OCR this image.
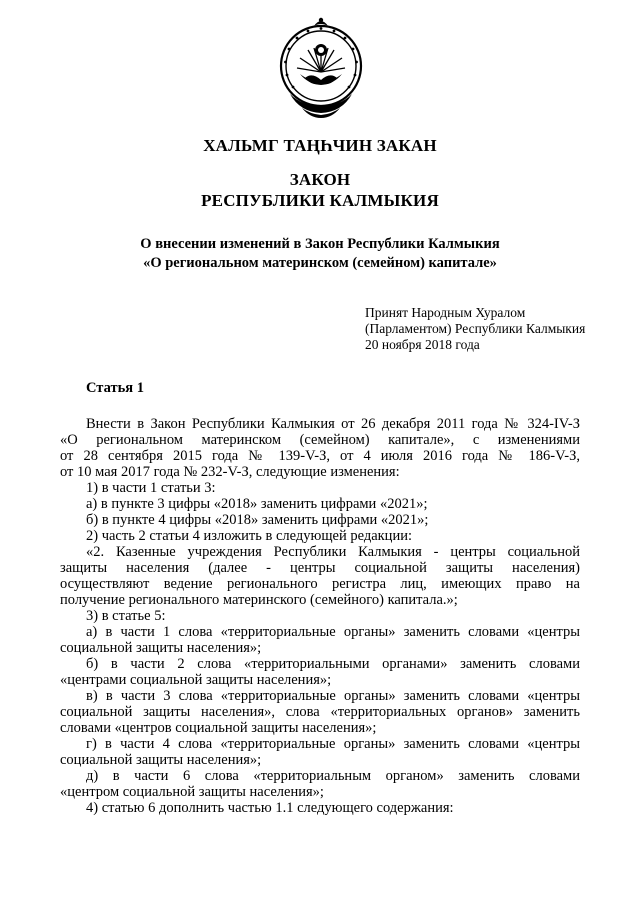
ХАЛЬМГ ТАҢҺЧИН ЗАКАН
ЗАКОН
РЕСПУБЛИКИ КАЛМЫКИЯ
О внесении изменений в Закон Республики Калмыкия
«О региональном материнском (семейном) капитале»
Принят Народным Хуралом
(Парламентом) Республики Калмыкия
20 ноября 2018 года
Статья 1
Внести в Закон Республики Калмыкия от 26 декабря 2011 года № 324-IV-З
«О региональном материнском (семейном) капитале», с изменениями
от 28 сентября 2015 года № 139-V-З, от 4 июля 2016 года № 186-V-З,
от 10 мая 2017 года № 232-V-З, следующие изменения:
1) в части 1 статьи 3:
а) в пункте 3 цифры «2018» заменить цифрами «2021»;
б) в пункте 4 цифры «2018» заменить цифрами «2021»;
2) часть 2 статьи 4 изложить в следующей редакции:
«2. Казенные учреждения Республики Калмыкия - центры социальной
защиты населения (далее - центры социальной защиты населения)
осуществляют ведение регионального регистра лиц, имеющих право на
получение регионального материнского (семейного) капитала.»;
3) в статье 5:
а) в части 1 слова «территориальные органы» заменить словами «центры
социальной защиты населения»;
б) в части 2 слова «территориальными органами» заменить словами
«центрами социальной защиты населения»;
в) в части 3 слова «территориальные органы» заменить словами «центры
социальной защиты населения», слова «территориальных органов» заменить
словами «центров социальной защиты населения»;
г) в части 4 слова «территориальные органы» заменить словами «центры
социальной защиты населения»;
д) в части 6 слова «территориальным органом» заменить словами
«центром социальной защиты населения»;
4) статью 6 дополнить частью 1.1 следующего содержания:
